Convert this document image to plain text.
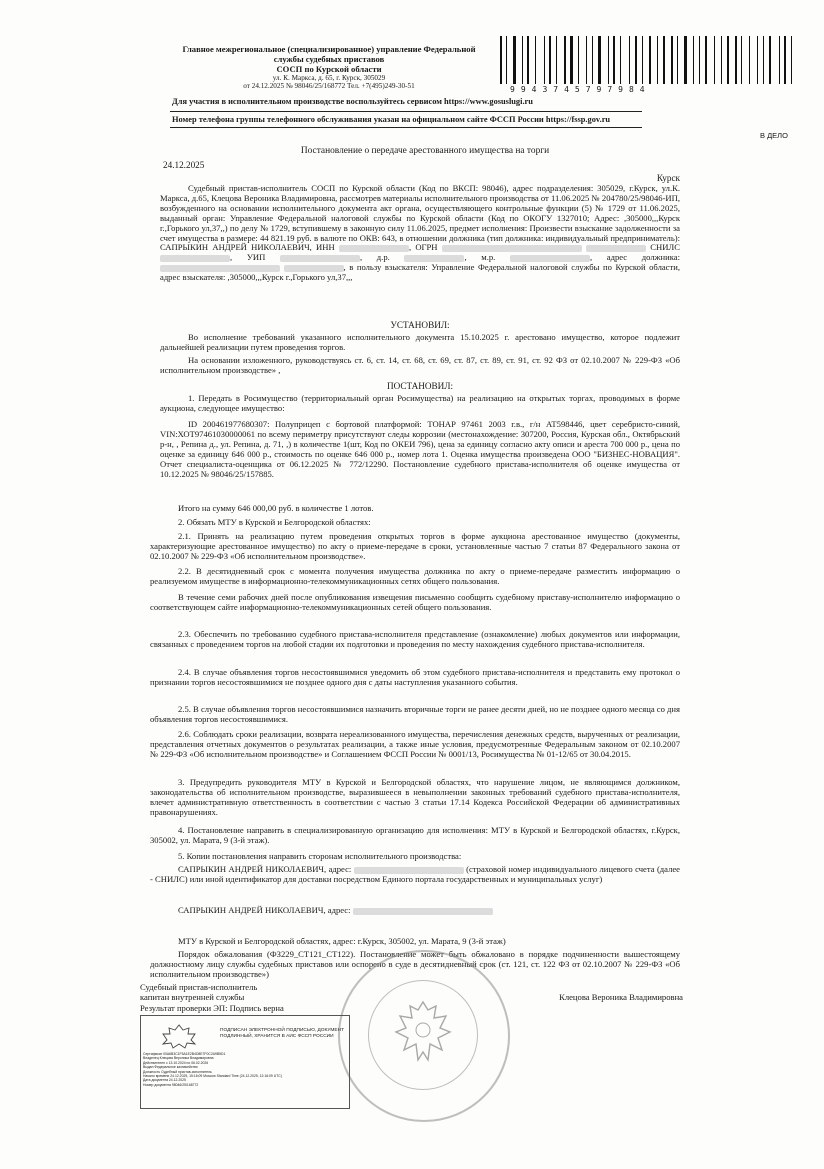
Главное межрегиональное (специализированное) управление Федеральной службы судебных приставов
СОСП по Курской области
ул. К. Маркса, д. 65, г. Курск, 305029
от 24.12.2025 № 98046/25/168772 Тел. +7(495)249-30-51	9943745797984
Для участия в исполнительном производстве воспользуйтесь сервисом https://www.gosuslugi.ru
Номер телефона группы телефонного обслуживания указан на официальном сайте ФССП России https://fssp.gov.ru
В ДЕЛО
Постановление о передаче арестованного имущества на торги
24.12.2025
Курск
Судебный пристав-исполнитель СОСП по Курской области (Код по ВКСП: 98046), адрес подразделения: 305029, г.Курск, ул.К. Маркса, д.65, Клецова Вероника Владимировна, рассмотрев материалы исполнительного производства от 11.06.2025 № 204780/25/98046-ИП, возбужденного на основании исполнительного документа акт органа, осуществляющего контрольные функции (5) № 1729 от 11.06.2025, выданный орган: Управление Федеральной налоговой службы по Курской области (Код по ОКОГУ 1327010; Адрес: ,305000,,,Курск г.,Горького ул,37,,) по делу № 1729, вступившему в законную силу 11.06.2025, предмет исполнения: Произвести взыскание задолженности за счет имущества в размере: 44 821.19 руб. в валюте по ОКВ: 643, в отношении должника (тип должника: индивидуальный предприниматель): САПРЫКИН АНДРЕЙ НИКОЛАЕВИЧ, ИНН	, ОГРН	СНИЛС , УИП	, д.р.	, м.р.	, адрес должника:  , в пользу взыскателя: Управление Федеральной налоговой службы по Курской области, адрес взыскателя: ,305000,,,Курск г.,Горького ул,37,,,
УСТАНОВИЛ:
Во исполнение требований указанного исполнительного документа 15.10.2025 г. арестовано имущество, которое подлежит дальнейшей реализации путем проведения торгов.
На основании изложенного, руководствуясь ст. 6, ст. 14, ст. 68, ст. 69, ст. 87, ст. 89, ст. 91, ст. 92 ФЗ от 02.10.2007 № 229-ФЗ «Об исполнительном производстве» ,
ПОСТАНОВИЛ:
1. Передать в Росимущество (территориальный орган Росимущества) на реализацию на открытых торгах, проводимых в форме аукциона, следующее имущество:
ID 200461977680307: Полуприцеп с бортовой платформой: ТОНАР 97461 2003 г.в., г/н АТ598446, цвет серебристо-синий, VIN:ХОТ97461030000061 по всему периметру присутствуют следы коррозии (местонахождение: 307200, Россия, Курская обл., Октябрьский р-н, , Репина д., ул. Репина, д. 71, ,) в количестве 1(шт, Код по ОКЕИ 796), цена за единицу согласно акту описи и ареста 700 000 р., цена по оценке за единицу 646 000 р., стоимость по оценке 646 000 р., номер лота 1. Оценка имущества произведена ООО "БИЗНЕС-НОВАЦИЯ". Отчет специалиста-оценщика от 06.12.2025 № 772/12290. Постановление судебного пристава-исполнителя об оценке имущества от 10.12.2025 № 98046/25/157885.
Итого на сумму 646 000,00 руб. в количестве 1 лотов.
2. Обязать МТУ в Курской и Белгородской областях:
2.1. Принять на реализацию путем проведения открытых торгов в форме аукциона арестованное имущество (документы, характеризующие арестованное имущество) по акту о приеме-передаче в сроки, установленные частью 7 статьи 87 Федерального закона от 02.10.2007 № 229-ФЗ «Об исполнительном производстве».
2.2. В десятидневный срок с момента получения имущества должника по акту о приеме-передаче разместить информацию о реализуемом имуществе в информационно-телекоммуникационных сетях общего пользования.
В течение семи рабочих дней после опубликования извещения письменно сообщить судебному приставу-исполнителю информацию о соответствующем сайте информационно-телекоммуникационных сетей общего пользования.
2.3. Обеспечить по требованию судебного пристава-исполнителя представление (ознакомление) любых документов или информации, связанных с проведением торгов на любой стадии их подготовки и проведения по месту нахождения судебного пристава-исполнителя.
2.4. В случае объявления торгов несостоявшимися уведомить об этом судебного пристава-исполнителя и представить ему протокол о признании торгов несостоявшимися не позднее одного дня с даты наступления указанного события.
2.5. В случае объявления торгов несостоявшимися назначить вторичные торги не ранее десяти дней, но не позднее одного месяца со дня объявления торгов несостоявшимися.
2.6. Соблюдать сроки реализации, возврата нереализованного имущества, перечисления денежных средств, вырученных от реализации, представления отчетных документов о результатах реализации, а также иные условия, предусмотренные Федеральным законом от 02.10.2007 № 229-ФЗ «Об исполнительном производстве» и Соглашением ФССП России № 0001/13, Росимущества № 01-12/65 от 30.04.2015.
3. Предупредить руководителя МТУ в Курской и Белгородской областях, что нарушение лицом, не являющимся должником, законодательства об исполнительном производстве, выразившееся в невыполнении законных требований судебного пристава-исполнителя, влечет административную ответственность в соответствии с частью 3 статьи 17.14 Кодекса Российской Федерации об административных правонарушениях.
4. Постановление направить в специализированную организацию для исполнения: МТУ в Курской и Белгородской областях, г.Курск, 305002, ул. Марата, 9 (3-й этаж).
5. Копии постановления направить сторонам исполнительного производства:
САПРЫКИН АНДРЕЙ НИКОЛАЕВИЧ, адрес:	(страховой номер индивидуального лицевого счета (далее - СНИЛС) или иной идентификатор для доставки посредством Единого портала государственных и муниципальных услуг)
САПРЫКИН АНДРЕЙ НИКОЛАЕВИЧ, адрес:
МТУ в Курской и Белгородской областях, адрес: г.Курск, 305002, ул. Марата, 9 (3-й этаж)
Порядок обжалования (ФЗ229_СТ121_СТ122). Постановление может быть обжаловано в порядке подчиненности вышестоящему должностному лицу службы судебных приставов или оспорено в суде в десятидневный срок (ст. 121, ст. 122 ФЗ от 02.10.2007 № 229-ФЗ «Об исполнительном производстве»)
Судебный пристав-исполнитель
капитан внутренней службы	Клецова Вероника Владимировна
Результат проверки ЭП: Подпись верна
ПОДПИСАН ЭЛЕКТРОННОЙ ПОДПИСЬЮ, ДОКУМЕНТ ПОДЛИННЫЙ, ХРАНИТСЯ В АИС ФССП РОССИИ
Сертификат 00A6B3C1F5A1E2B4D8E7F0C2A9B5D1
Владелец Клецова Вероника Владимировна
Действителен с 13.10.2024 по 06.02.2026
Выдан Федеральное казначейство
Должность Судебный пристав-исполнитель
Начало времени 24.12.2025, 15:16:09 Moscow Standard Time (24.12.2025, 12:16:09 UTC)
Дата документа 24.12.2025
Номер документа 98046/25/168772
